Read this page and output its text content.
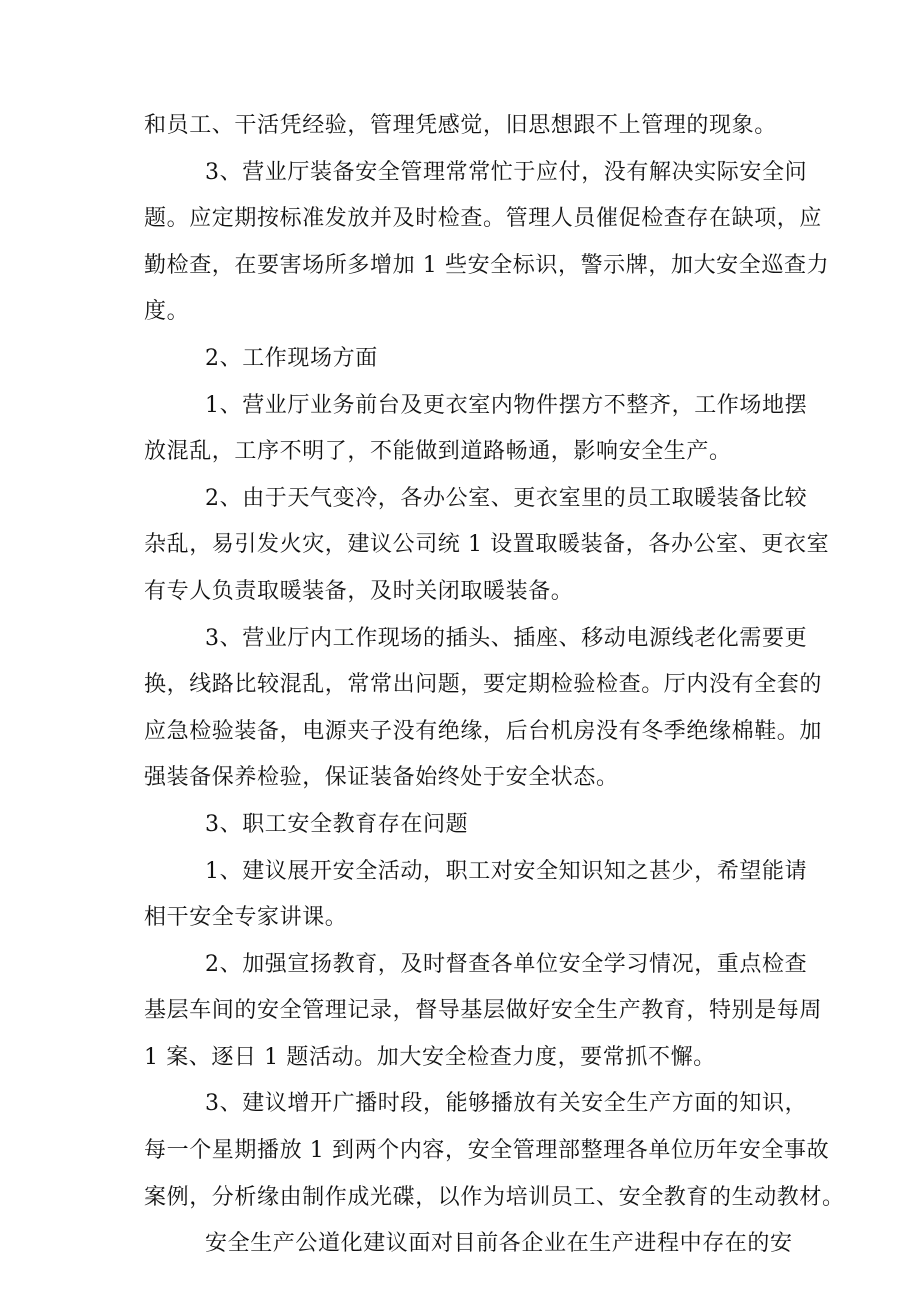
和员工、干活凭经验，管理凭感觉，旧思想跟不上管理的现象。
3、营业厅装备安全管理常常忙于应付，没有解决实际安全问
题。应定期按标准发放并及时检查。管理人员催促检查存在缺项，应
勤检查，在要害场所多增加 1 些安全标识，警示牌，加大安全巡查力
度。
2、工作现场方面
1、营业厅业务前台及更衣室内物件摆方不整齐，工作场地摆
放混乱，工序不明了，不能做到道路畅通，影响安全生产。
2、由于天气变冷，各办公室、更衣室里的员工取暖装备比较
杂乱，易引发火灾，建议公司统 1 设置取暖装备，各办公室、更衣室
有专人负责取暖装备，及时关闭取暖装备。
3、营业厅内工作现场的插头、插座、移动电源线老化需要更
换，线路比较混乱，常常出问题，要定期检验检查。厅内没有全套的
应急检验装备，电源夹子没有绝缘，后台机房没有冬季绝缘棉鞋。加
强装备保养检验，保证装备始终处于安全状态。
3、职工安全教育存在问题
1、建议展开安全活动，职工对安全知识知之甚少，希望能请
相干安全专家讲课。
2、加强宣扬教育，及时督查各单位安全学习情况，重点检查
基层车间的安全管理记录，督导基层做好安全生产教育，特别是每周
1 案、逐日 1 题活动。加大安全检查力度，要常抓不懈。
3、建议增开广播时段，能够播放有关安全生产方面的知识，
每一个星期播放 1 到两个内容，安全管理部整理各单位历年安全事故
案例，分析缘由制作成光碟，以作为培训员工、安全教育的生动教材。
安全生产公道化建议面对目前各企业在生产进程中存在的安
